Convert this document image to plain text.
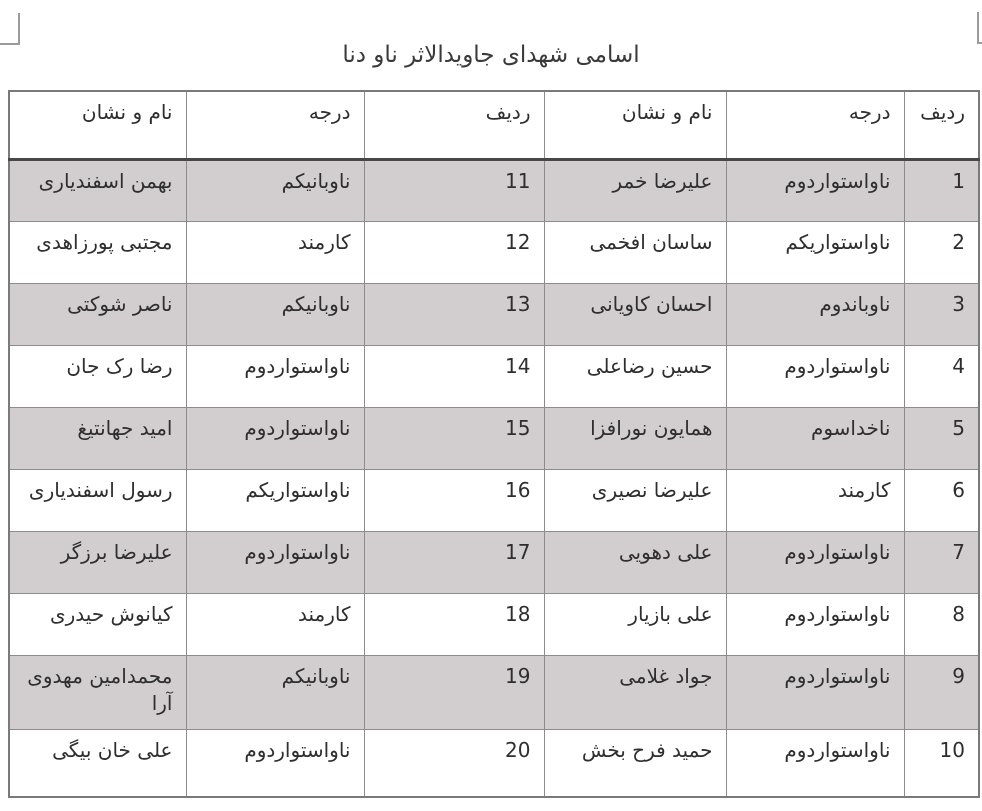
اسامی شهدای جاویدالاثر ناو دنا
ردیف	درجه	نام و نشان	ردیف	درجه	نام و نشان
1	ناواستواردوم	علیرضا خمر	11	ناوبانیکم	بهمن اسفندیاری
2	ناواستواریکم	ساسان افخمی	12	کارمند	مجتبی پورزاهدی
3	ناوباندوم	احسان کاویانی	13	ناوبانیکم	ناصر شوکتی
4	ناواستواردوم	حسین رضاعلی	14	ناواستواردوم	رضا رک جان
5	ناخداسوم	همایون نورافزا	15	ناواستواردوم	امید جهانتیغ
6	کارمند	علیرضا نصیری	16	ناواستواریکم	رسول اسفندیاری
7	ناواستواردوم	علی دهویی	17	ناواستواردوم	علیرضا برزگر
8	ناواستواردوم	علی بازیار	18	کارمند	کیانوش حیدری
9	ناواستواردوم	جواد غلامی	19	ناوبانیکم	محمدامین مهدوی آرا
10	ناواستواردوم	حمید فرح بخش	20	ناواستواردوم	علی خان بیگی
